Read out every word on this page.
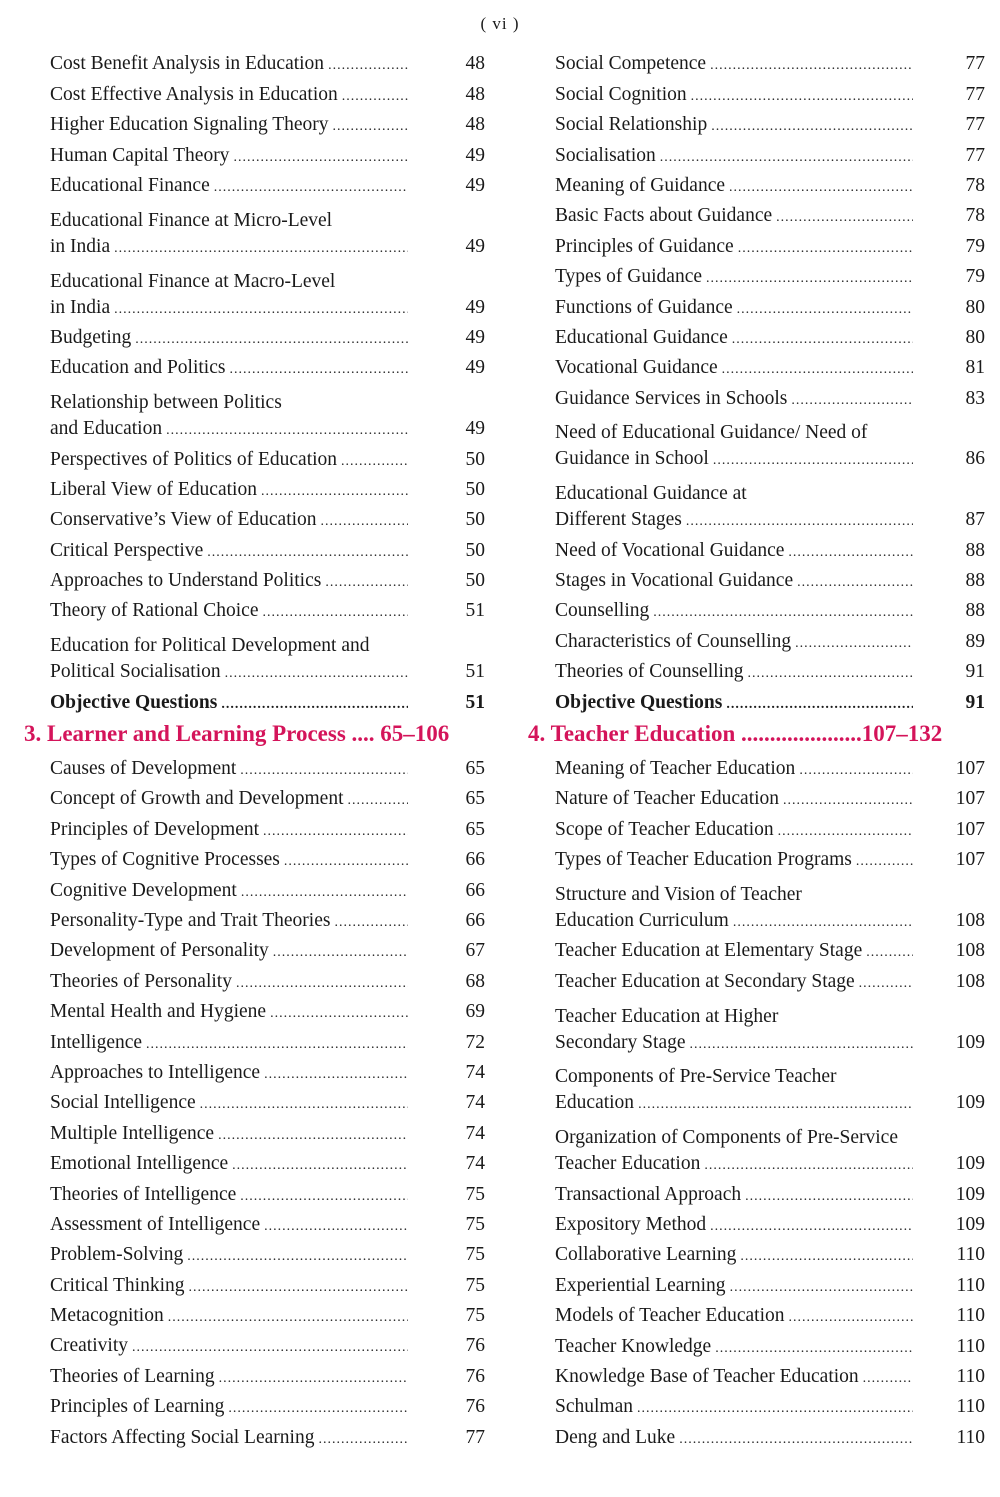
( vi )
Cost Benefit Analysis in Education .....	48
Cost Effective Analysis in Education .....	48
Higher Education Signaling Theory .....	48
Human Capital Theory .....	49
Educational Finance .....	49
Educational Finance at Micro-Level
in India .....	49
Educational Finance at Macro-Level
in India .....	49
Budgeting .....	49
Education and Politics .....	49
Relationship between Politics
and Education .....	49
Perspectives of Politics of Education .....	50
Liberal View of Education .....	50
Conservative’s View of Education .....	50
Critical Perspective .....	50
Approaches to Understand Politics .....	50
Theory of Rational Choice .....	51
Education for Political Development and
Political Socialisation .....	51
Objective Questions .....	51
3. Learner and Learning Process .... 65–106
Causes of Development .....	65
Concept of Growth and Development .....	65
Principles of Development .....	65
Types of Cognitive Processes .....	66
Cognitive Development .....	66
Personality-Type and Trait Theories .....	66
Development of Personality .....	67
Theories of Personality .....	68
Mental Health and Hygiene .....	69
Intelligence .....	72
Approaches to Intelligence .....	74
Social Intelligence .....	74
Multiple Intelligence .....	74
Emotional Intelligence .....	74
Theories of Intelligence .....	75
Assessment of Intelligence .....	75
Problem-Solving .....	75
Critical Thinking .....	75
Metacognition .....	75
Creativity .....	76
Theories of Learning .....	76
Principles of Learning .....	76
Factors Affecting Social Learning .....	77
Social Competence .....	77
Social Cognition .....	77
Social Relationship .....	77
Socialisation .....	77
Meaning of Guidance .....	78
Basic Facts about Guidance .....	78
Principles of Guidance .....	79
Types of Guidance .....	79
Functions of Guidance .....	80
Educational Guidance .....	80
Vocational Guidance .....	81
Guidance Services in Schools .....	83
Need of Educational Guidance/ Need of
Guidance in School .....	86
Educational Guidance at
Different Stages .....	87
Need of Vocational Guidance .....	88
Stages in Vocational Guidance .....	88
Counselling .....	88
Characteristics of Counselling .....	89
Theories of Counselling .....	91
Objective Questions .....	91
4. Teacher Education .....................107–132
Meaning of Teacher Education .....	107
Nature of Teacher Education .....	107
Scope of Teacher Education .....	107
Types of Teacher Education Programs .....	107
Structure and Vision of Teacher
Education Curriculum .....	108
Teacher Education at Elementary Stage .....	108
Teacher Education at Secondary Stage .....	108
Teacher Education at Higher
Secondary Stage .....	109
Components of Pre-Service Teacher
Education .....	109
Organization of Components of Pre-Service
Teacher Education .....	109
Transactional Approach .....	109
Expository Method .....	109
Collaborative Learning .....	110
Experiential Learning .....	110
Models of Teacher Education .....	110
Teacher Knowledge .....	110
Knowledge Base of Teacher Education .....	110
Schulman .....	110
Deng and Luke .....	110
